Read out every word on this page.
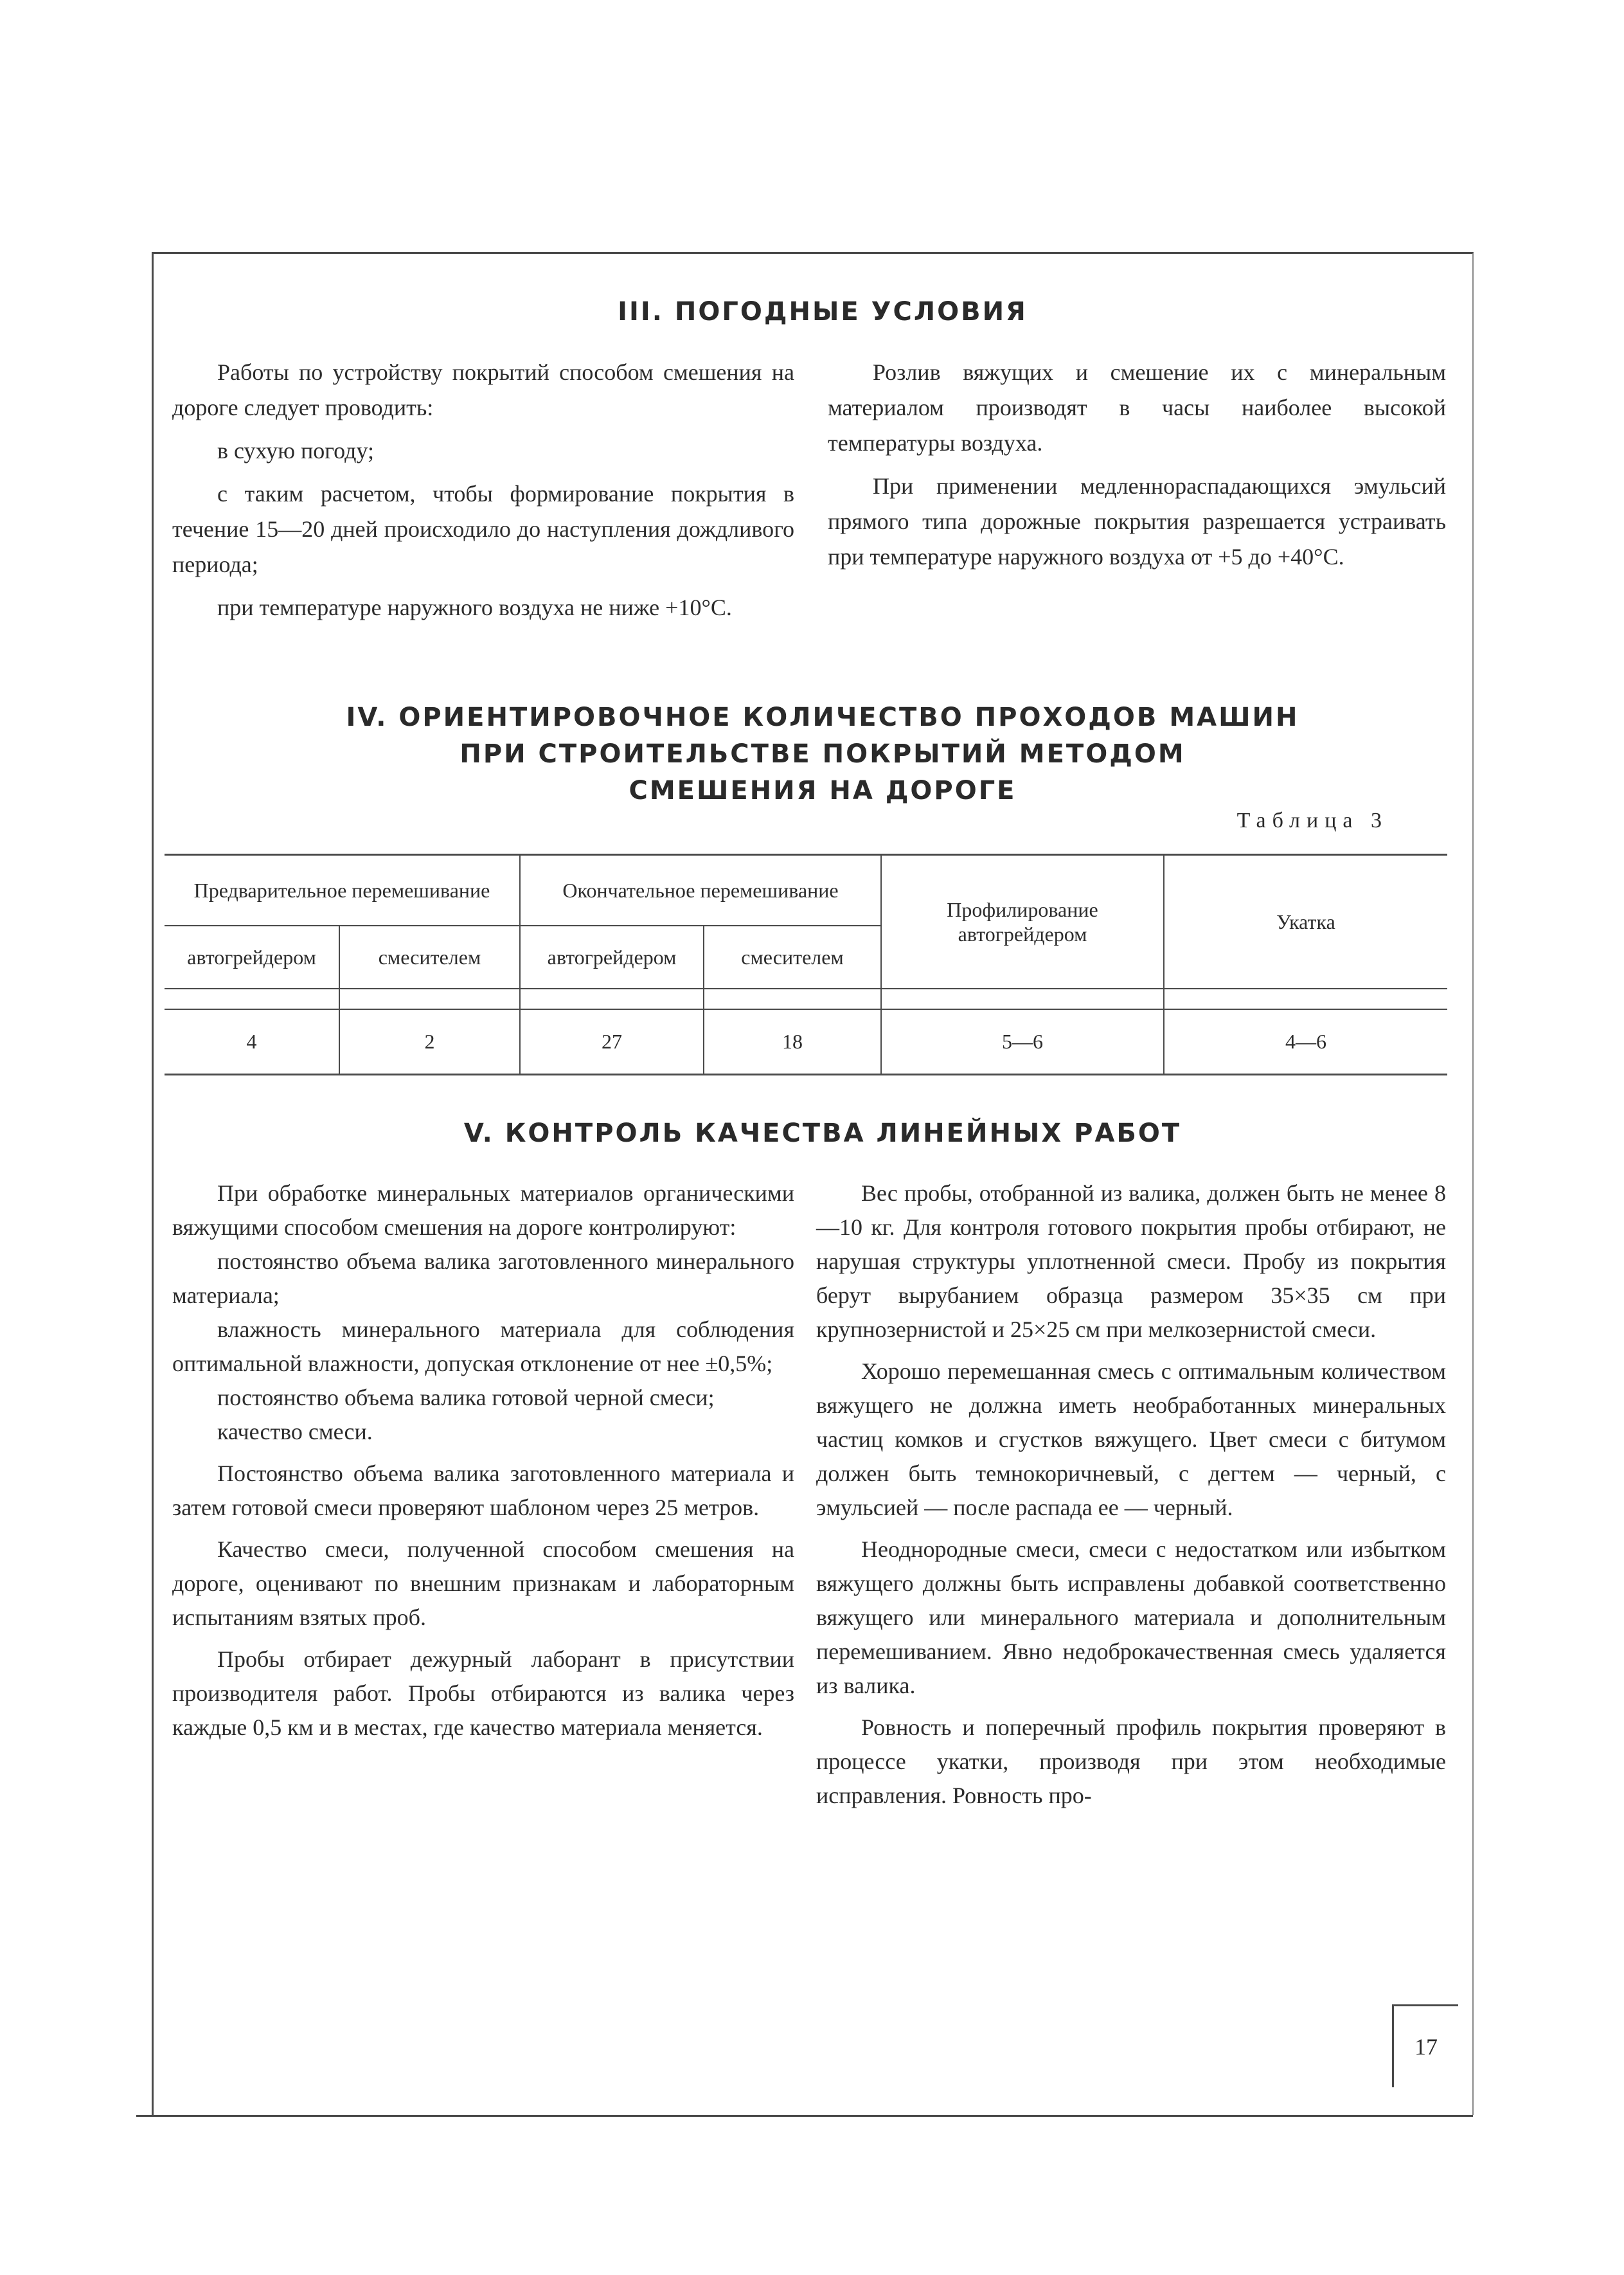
III. ПОГОДНЫЕ УСЛОВИЯ

Работы по устройству покрытий способом смешения на дороге следует проводить:

в сухую погоду;

с таким расчетом, чтобы формирование покрытия в течение 15—20 дней происходило до наступления дождливого периода;

при температуре наружного воздуха не ниже +10°С.

Розлив вяжущих и смешение их с минеральным материалом производят в часы наиболее высокой температуры воздуха.

При применении медленнораспадающихся эмульсий прямого типа дорожные покрытия разрешается устраивать при температуре наружного воздуха от +5 до +40°С.

IV. ОРИЕНТИРОВОЧНОЕ КОЛИЧЕСТВО ПРОХОДОВ МАШИН
ПРИ СТРОИТЕЛЬСТВЕ ПОКРЫТИЙ МЕТОДОМ
СМЕШЕНИЯ НА ДОРОГЕ
Таблица 3
Предварительное перемешивание		Окончательное перемешивание		Профилирование автогрейдером	Укатка
автогрейдером	смесителем	автогрейдером	смесителем		

4	2	27	18	5—6	4—6
V. КОНТРОЛЬ КАЧЕСТВА ЛИНЕЙНЫХ РАБОТ

При обработке минеральных материалов органическими вяжущими способом смешения на дороге контролируют:

постоянство объема валика заготовленного минерального материала;

влажность минерального материала для соблюдения оптимальной влажности, допуская отклонение от нее ±0,5%;

постоянство объема валика готовой черной смеси;

качество смеси.

Постоянство объема валика заготовленного материала и затем готовой смеси проверяют шаблоном через 25 метров.

Качество смеси, полученной способом смешения на дороге, оценивают по внешним признакам и лабораторным испытаниям взятых проб.

Пробы отбирает дежурный лаборант в присутствии производителя работ. Пробы отбираются из валика через каждые 0,5 км и в местах, где качество материала меняется.

Вес пробы, отобранной из валика, должен быть не менее 8—10 кг. Для контроля готового покрытия пробы отбирают, не нарушая структуры уплотненной смеси. Пробу из покрытия берут вырубанием образца размером 35×35 см при крупнозернистой и 25×25 см при мелкозернистой смеси.

Хорошо перемешанная смесь с оптимальным количеством вяжущего не должна иметь необработанных минеральных частиц комков и сгустков вяжущего. Цвет смеси с битумом должен быть темнокоричневый, с дегтем — черный, с эмульсией — после распада ее — черный.

Неоднородные смеси, смеси с недостатком или избытком вяжущего должны быть исправлены добавкой соответственно вяжущего или минерального материала и дополнительным перемешиванием. Явно недоброкачественная смесь удаляется из валика.

Ровность и поперечный профиль покрытия проверяют в процессе укатки, производя при этом необходимые исправления. Ровность про-

17
